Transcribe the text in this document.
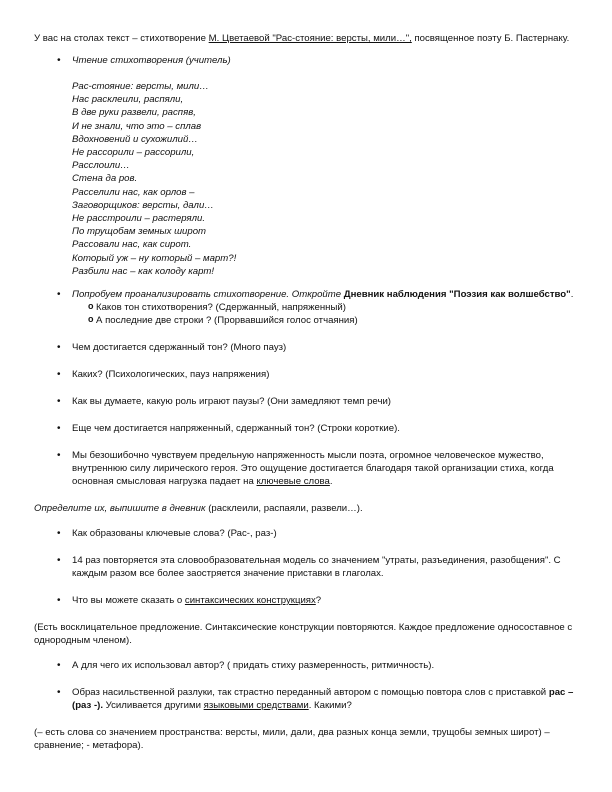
У вас на столах текст – стихотворение М. Цветаевой "Рас-стояние: версты, мили…", посвященное поэту Б. Пастернаку.

• Чтение стихотворения (учитель)

Рас-стояние: версты, мили…

Нас расклеили, распяли,

В две руки развели, распяв,

И не знали, что это – сплав

Вдохновений и сухожилий…

Не рассорили – рассорили,

Расслоили…

Стена да ров.

Расселили нас, как орлов –

Заговорщиков: версты, дали…

Не расстроили – растеряли.

По трущобам земных широт

Рассовали нас, как сирот.

Который уж – ну который – март?!

Разбили нас – как колоду карт!

• Попробуем проанализировать стихотворение. Откройте Дневник наблюдения "Поэзия как волшебство".

o Каков тон стихотворения? (Сдержанный, напряженный)

o А последние две строки ? (Прорвавшийся голос отчаяния)

• Чем достигается сдержанный тон? (Много пауз)

• Каких? (Психологических, пауз напряжения)

• Как вы думаете, какую роль играют паузы? (Они замедляют темп речи)

• Еще чем достигается напряженный, сдержанный тон? (Строки короткие).

• Мы безошибочно чувствуем предельную напряженность мысли поэта, огромное человеческое мужество, внутреннюю силу лирического героя. Это ощущение достигается благодаря такой организации стиха, когда основная смысловая нагрузка падает на ключевые слова.

Определите их, выпишите в дневник (расклеили, распаяли, развели…).

• Как образованы ключевые слова? (Рас-, раз-)

• 14 раз повторяется эта словообразовательная модель со значением "утраты, разъединения, разобщения". С каждым разом все более заостряется значение приставки в глаголах.

• Что вы можете сказать о синтаксических конструкциях?

(Есть восклицательное предложение. Синтаксические конструкции повторяются. Каждое предложение односоставное с однородным членом).

• А для чего их использовал автор? ( придать стиху размеренность, ритмичность).

• Образ насильственной разлуки, так страстно переданный автором с помощью повтора слов с приставкой рас – (раз -). Усиливается другими языковыми средствами. Какими?

(– есть слова со значением пространства: версты, мили, дали, два разных конца земли, трущобы земных широт) – сравнение; - метафора).
